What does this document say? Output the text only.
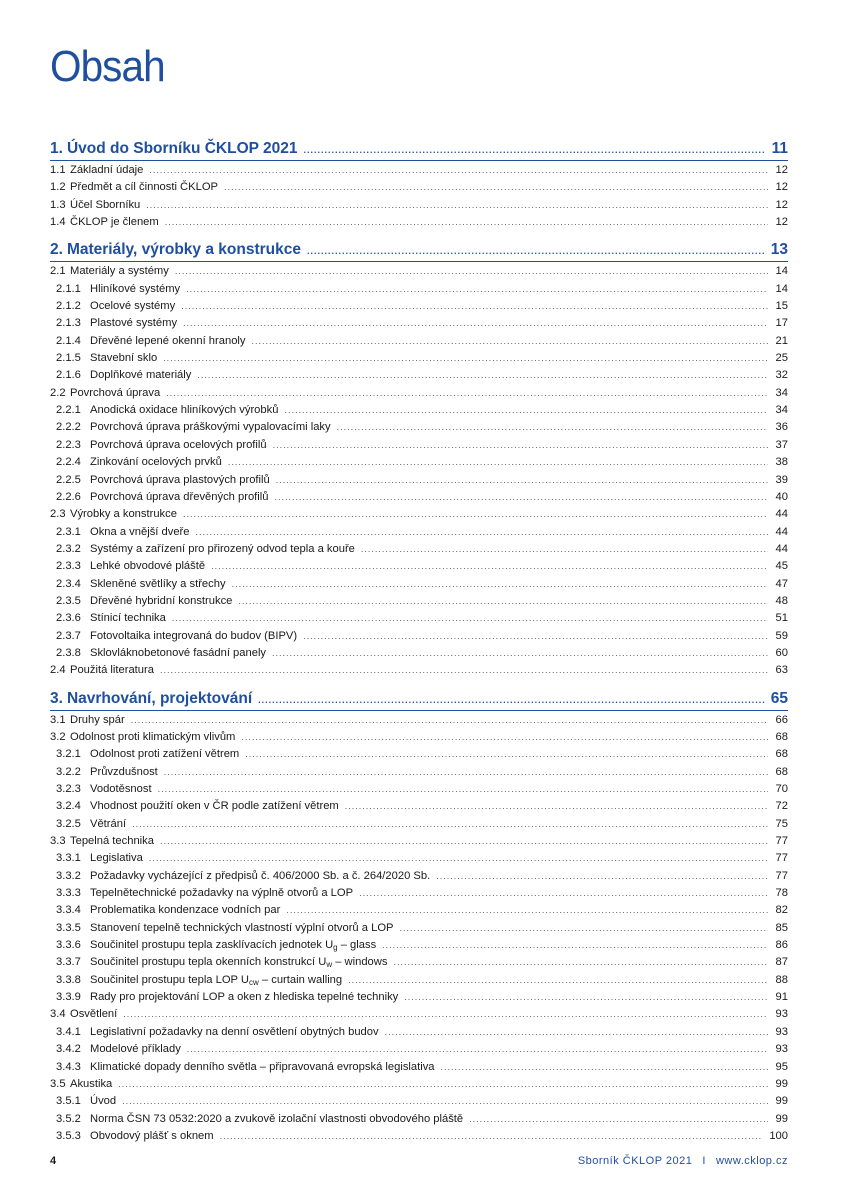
Obsah
1. Úvod do Sborníku ČKLOP 2021 .....	11
1.1 Základní údaje .....	12
1.2 Předmět a cíl činnosti ČKLOP .....	12
1.3 Účel Sborníku .....	12
1.4 ČKLOP je členem .....	12
2. Materiály, výrobky a konstrukce .....	13
2.1 Materiály a systémy .....	14
2.1.1 Hliníkové systémy .....	14
2.1.2 Ocelové systémy .....	15
2.1.3 Plastové systémy .....	17
2.1.4 Dřevěné lepené okenní hranoly .....	21
2.1.5 Stavební sklo .....	25
2.1.6 Doplňkové materiály .....	32
2.2 Povrchová úprava .....	34
2.2.1 Anodická oxidace hliníkových výrobků .....	34
2.2.2 Povrchová úprava práškovými vypalovacími laky .....	36
2.2.3 Povrchová úprava ocelových profilů .....	37
2.2.4 Zinkování ocelových prvků .....	38
2.2.5 Povrchová úprava plastových profilů .....	39
2.2.6 Povrchová úprava dřevěných profilů .....	40
2.3 Výrobky a konstrukce .....	44
2.3.1 Okna a vnější dveře .....	44
2.3.2 Systémy a zařízení pro přirozený odvod tepla a kouře .....	44
2.3.3 Lehké obvodové pláště .....	45
2.3.4 Skleněné světlíky a střechy .....	47
2.3.5 Dřevěné hybridní konstrukce .....	48
2.3.6 Stínicí technika .....	51
2.3.7 Fotovoltaika integrovaná do budov (BIPV) .....	59
2.3.8 Sklovláknobetonové fasádní panely .....	60
2.4 Použitá literatura .....	63
3. Navrhování, projektování .....	65
3.1 Druhy spár .....	66
3.2 Odolnost proti klimatickým vlivům .....	68
3.2.1 Odolnost proti zatížení větrem .....	68
3.2.2 Průvzdušnost .....	68
3.2.3 Vodotěsnost .....	70
3.2.4 Vhodnost použití oken v ČR podle zatížení větrem .....	72
3.2.5 Větrání .....	75
3.3 Tepelná technika .....	77
3.3.1 Legislativa .....	77
3.3.2 Požadavky vycházející z předpisů č. 406/2000 Sb. a č. 264/2020 Sb. .....	77
3.3.3 Tepelnětechnické požadavky na výplně otvorů a LOP .....	78
3.3.4 Problematika kondenzace vodních par .....	82
3.3.5 Stanovení tepelně technických vlastností výplní otvorů a LOP .....	85
3.3.6 Součinitel prostupu tepla zasklívacích jednotek $U_g$ – glass .....	86
3.3.7 Součinitel prostupu tepla okenních konstrukcí $U_w$ – windows .....	87
3.3.8 Součinitel prostupu tepla LOP $U_{cw}$ – curtain walling .....	88
3.3.9 Rady pro projektování LOP a oken z hlediska tepelné techniky .....	91
3.4 Osvětlení .....	93
3.4.1 Legislativní požadavky na denní osvětlení obytných budov .....	93
3.4.2 Modelové příklady .....	93
3.4.3 Klimatické dopady denního světla – připravovaná evropská legislativa .....	95
3.5 Akustika .....	99
3.5.1 Úvod .....	99
3.5.2 Norma ČSN 73 0532:2020 a zvukově izolační vlastnosti obvodového pláště .....	99
3.5.3 Obvodový plášť s oknem .....	100
4	Sborník ČKLOP 2021 I www.cklop.cz
